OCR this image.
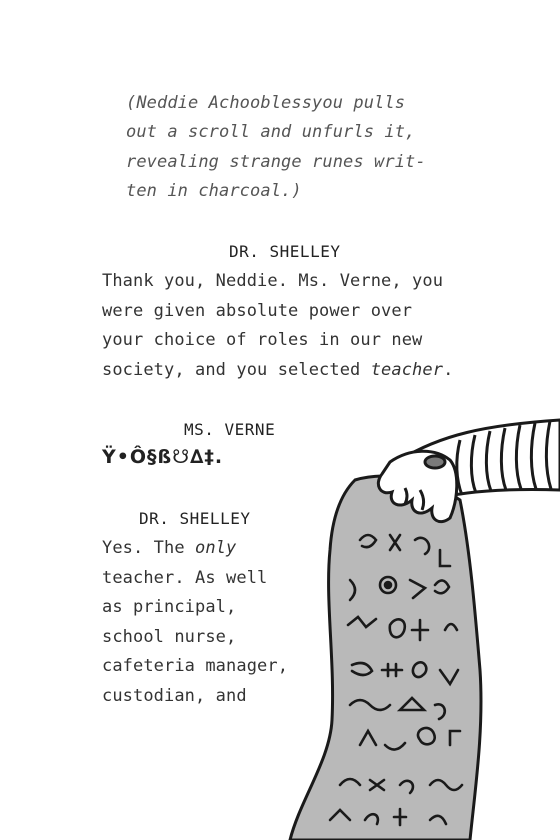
(Neddie Achooblessyou pulls
out a scroll and unfurls it,
revealing strange runes writ-
ten in charcoal.)
DR. SHELLEY
Thank you, Neddie. Ms. Verne, you
were given absolute power over
your choice of roles in our new
society, and you selected teacher.
MS. VERNE
Ÿ•Ô§ß☋∆‡.
DR. SHELLEY
Yes. The only
teacher. As well
as principal,
school nurse,
cafeteria manager,
custodian, and
